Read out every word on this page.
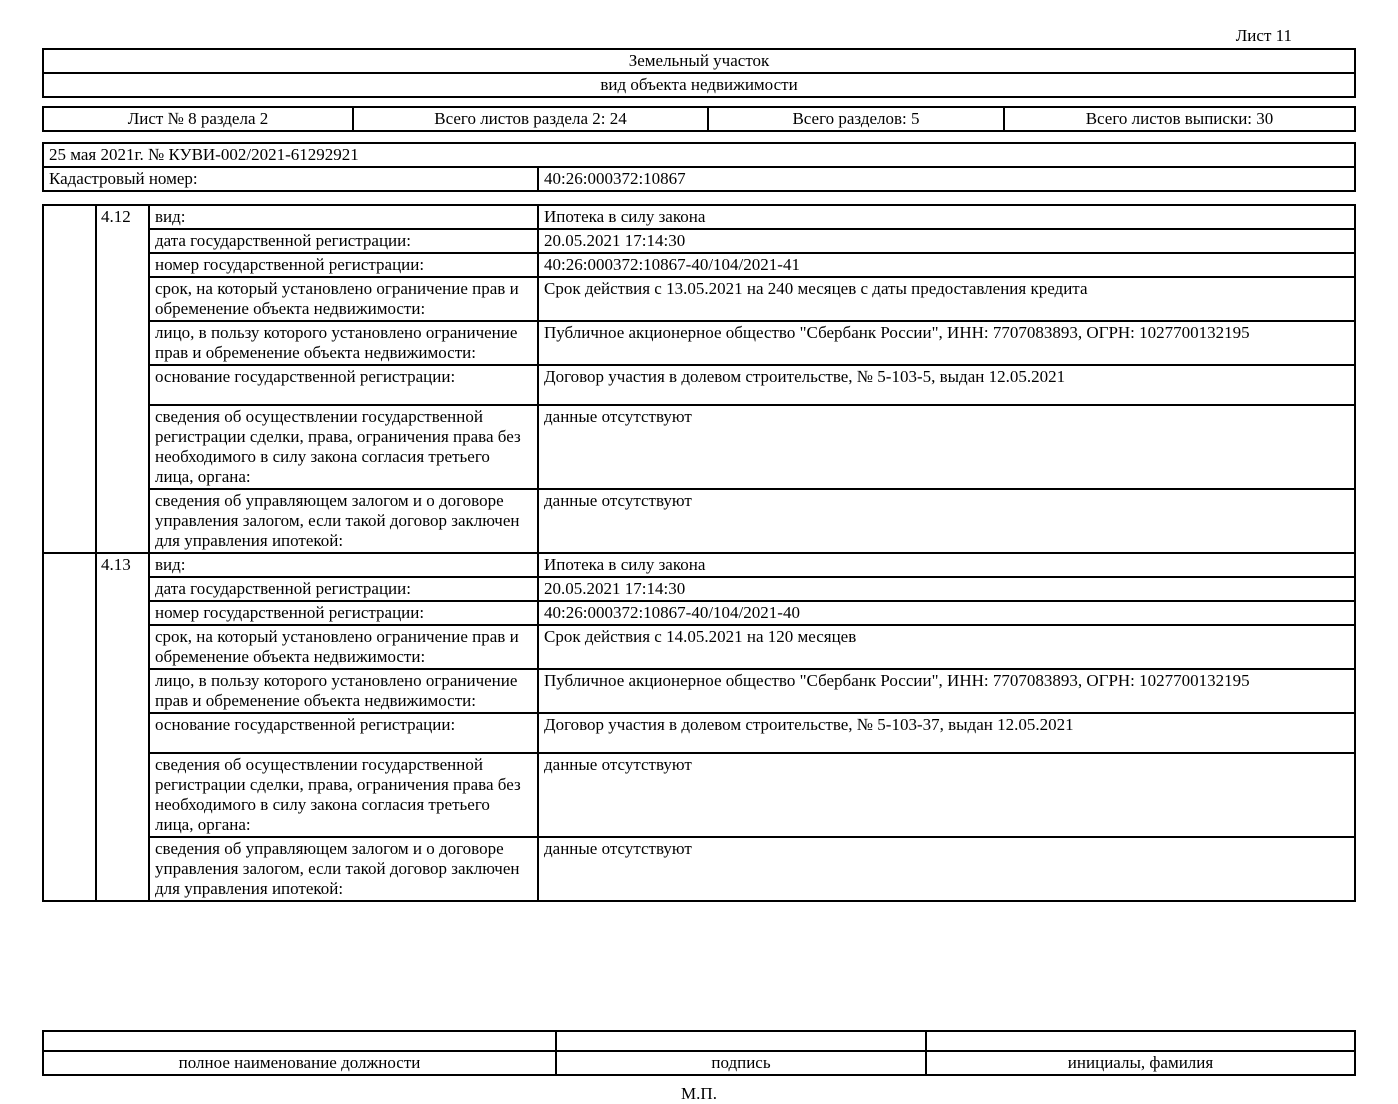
Лист 11
Земельный участок
вид объекта недвижимости
Лист № 8 раздела 2	Всего листов раздела 2: 24	Всего разделов: 5	Всего листов выписки: 30
25 мая 2021г. № КУВИ-002/2021-61292921
Кадастровый номер:	40:26:000372:10867
	4.12	вид:	Ипотека в силу закона
		дата государственной регистрации:	20.05.2021 17:14:30
		номер государственной регистрации:	40:26:000372:10867-40/104/2021-41
		срок, на который установлено ограничение прав и обременение объекта недвижимости:	Срок действия с 13.05.2021 на 240 месяцев с даты предоставления кредита
		лицо, в пользу которого установлено ограничение прав и обременение объекта недвижимости:	Публичное акционерное общество "Сбербанк России", ИНН: 7707083893, ОГРН: 1027700132195
		основание государственной регистрации:	Договор участия в долевом строительстве, № 5-103-5, выдан 12.05.2021
		сведения об осуществлении государственной регистрации сделки, права, ограничения права без необходимого в силу закона согласия третьего лица, органа:	данные отсутствуют
		сведения об управляющем залогом и о договоре управления залогом, если такой договор заключен для управления ипотекой:	данные отсутствуют
	4.13	вид:	Ипотека в силу закона
		дата государственной регистрации:	20.05.2021 17:14:30
		номер государственной регистрации:	40:26:000372:10867-40/104/2021-40
		срок, на который установлено ограничение прав и обременение объекта недвижимости:	Срок действия с 14.05.2021 на 120 месяцев
		лицо, в пользу которого установлено ограничение прав и обременение объекта недвижимости:	Публичное акционерное общество "Сбербанк России", ИНН: 7707083893, ОГРН: 1027700132195
		основание государственной регистрации:	Договор участия в долевом строительстве, № 5-103-37, выдан 12.05.2021
		сведения об осуществлении государственной регистрации сделки, права, ограничения права без необходимого в силу закона согласия третьего лица, органа:	данные отсутствуют
		сведения об управляющем залогом и о договоре управления залогом, если такой договор заключен для управления ипотекой:	данные отсутствуют

полное наименование должности	подпись	инициалы, фамилия
М.П.
